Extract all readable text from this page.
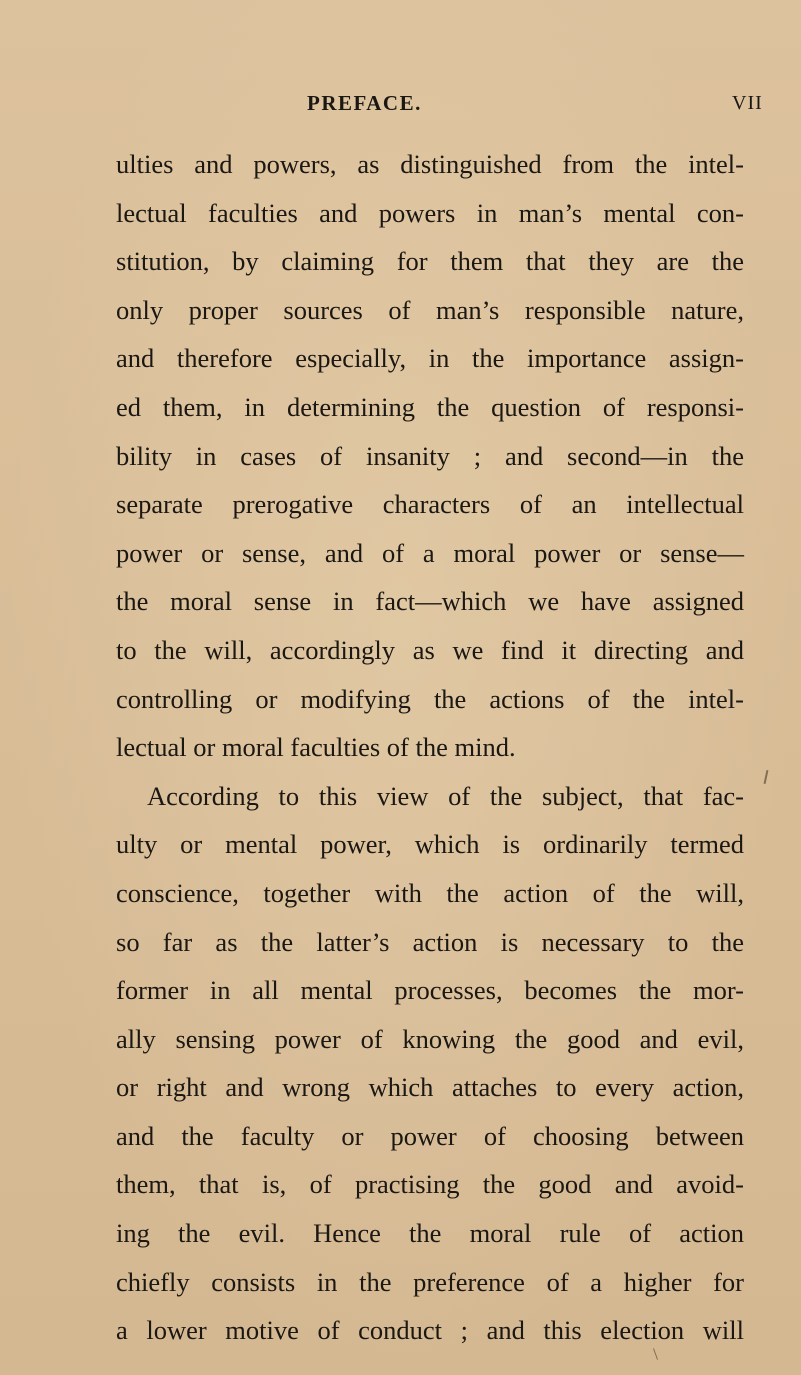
PREFACE.	VII
ulties and powers, as distinguished from the intel-
lectual faculties and powers in man’s mental con-
stitution, by claiming for them that they are the
only proper sources of man’s responsible nature,
and therefore especially, in the importance assign-
ed them, in determining the question of responsi-
bility in cases of insanity ; and second—in the
separate prerogative characters of an intellectual
power or sense, and of a moral power or sense—
the moral sense in fact—which we have assigned
to the will, accordingly as we find it directing and
controlling or modifying the actions of the intel-
lectual or moral faculties of the mind.
According to this view of the subject, that fac-
ulty or mental power, which is ordinarily termed
conscience, together with the action of the will,
so far as the latter’s action is necessary to the
former in all mental processes, becomes the mor-
ally sensing power of knowing the good and evil,
or right and wrong which attaches to every action,
and the faculty or power of choosing between
them, that is, of practising the good and avoid-
ing the evil. Hence the moral rule of action
chiefly consists in the preference of a higher for
a lower motive of conduct ; and this election will
